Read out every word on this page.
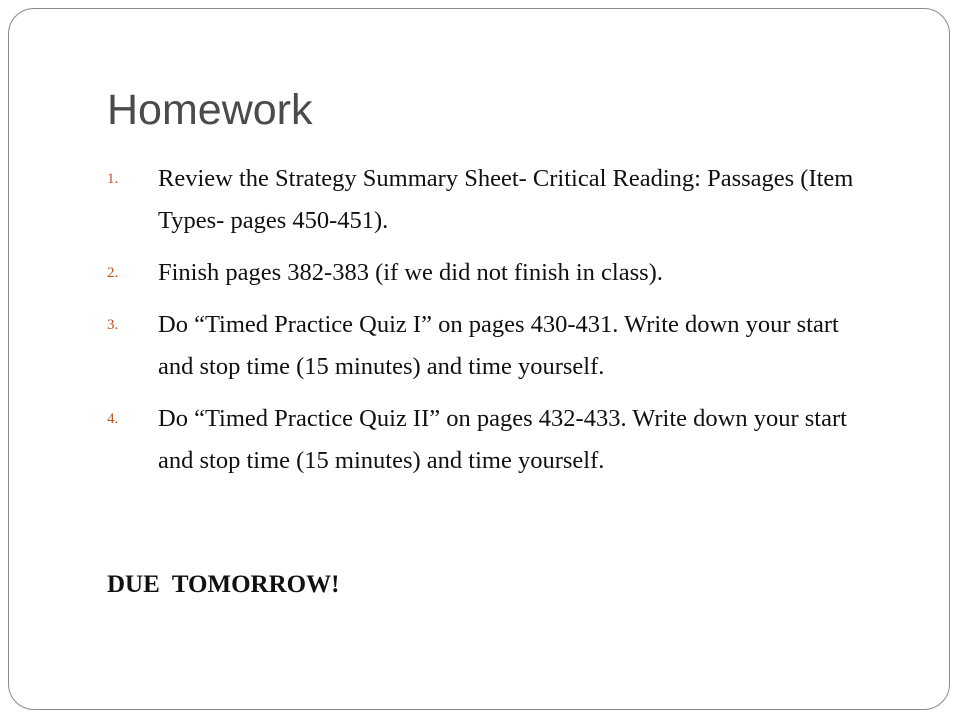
Homework
1.	Review the Strategy Summary Sheet- Critical Reading: Passages (Item Types- pages 450-451).
2.	Finish pages 382-383 (if we did not finish in class).
3.	Do “Timed Practice Quiz I” on pages 430-431. Write down your start and stop time (15 minutes) and time yourself.
4.	Do “Timed Practice Quiz II” on pages 432-433. Write down your start and stop time (15 minutes) and time yourself.
DUE  TOMORROW!
